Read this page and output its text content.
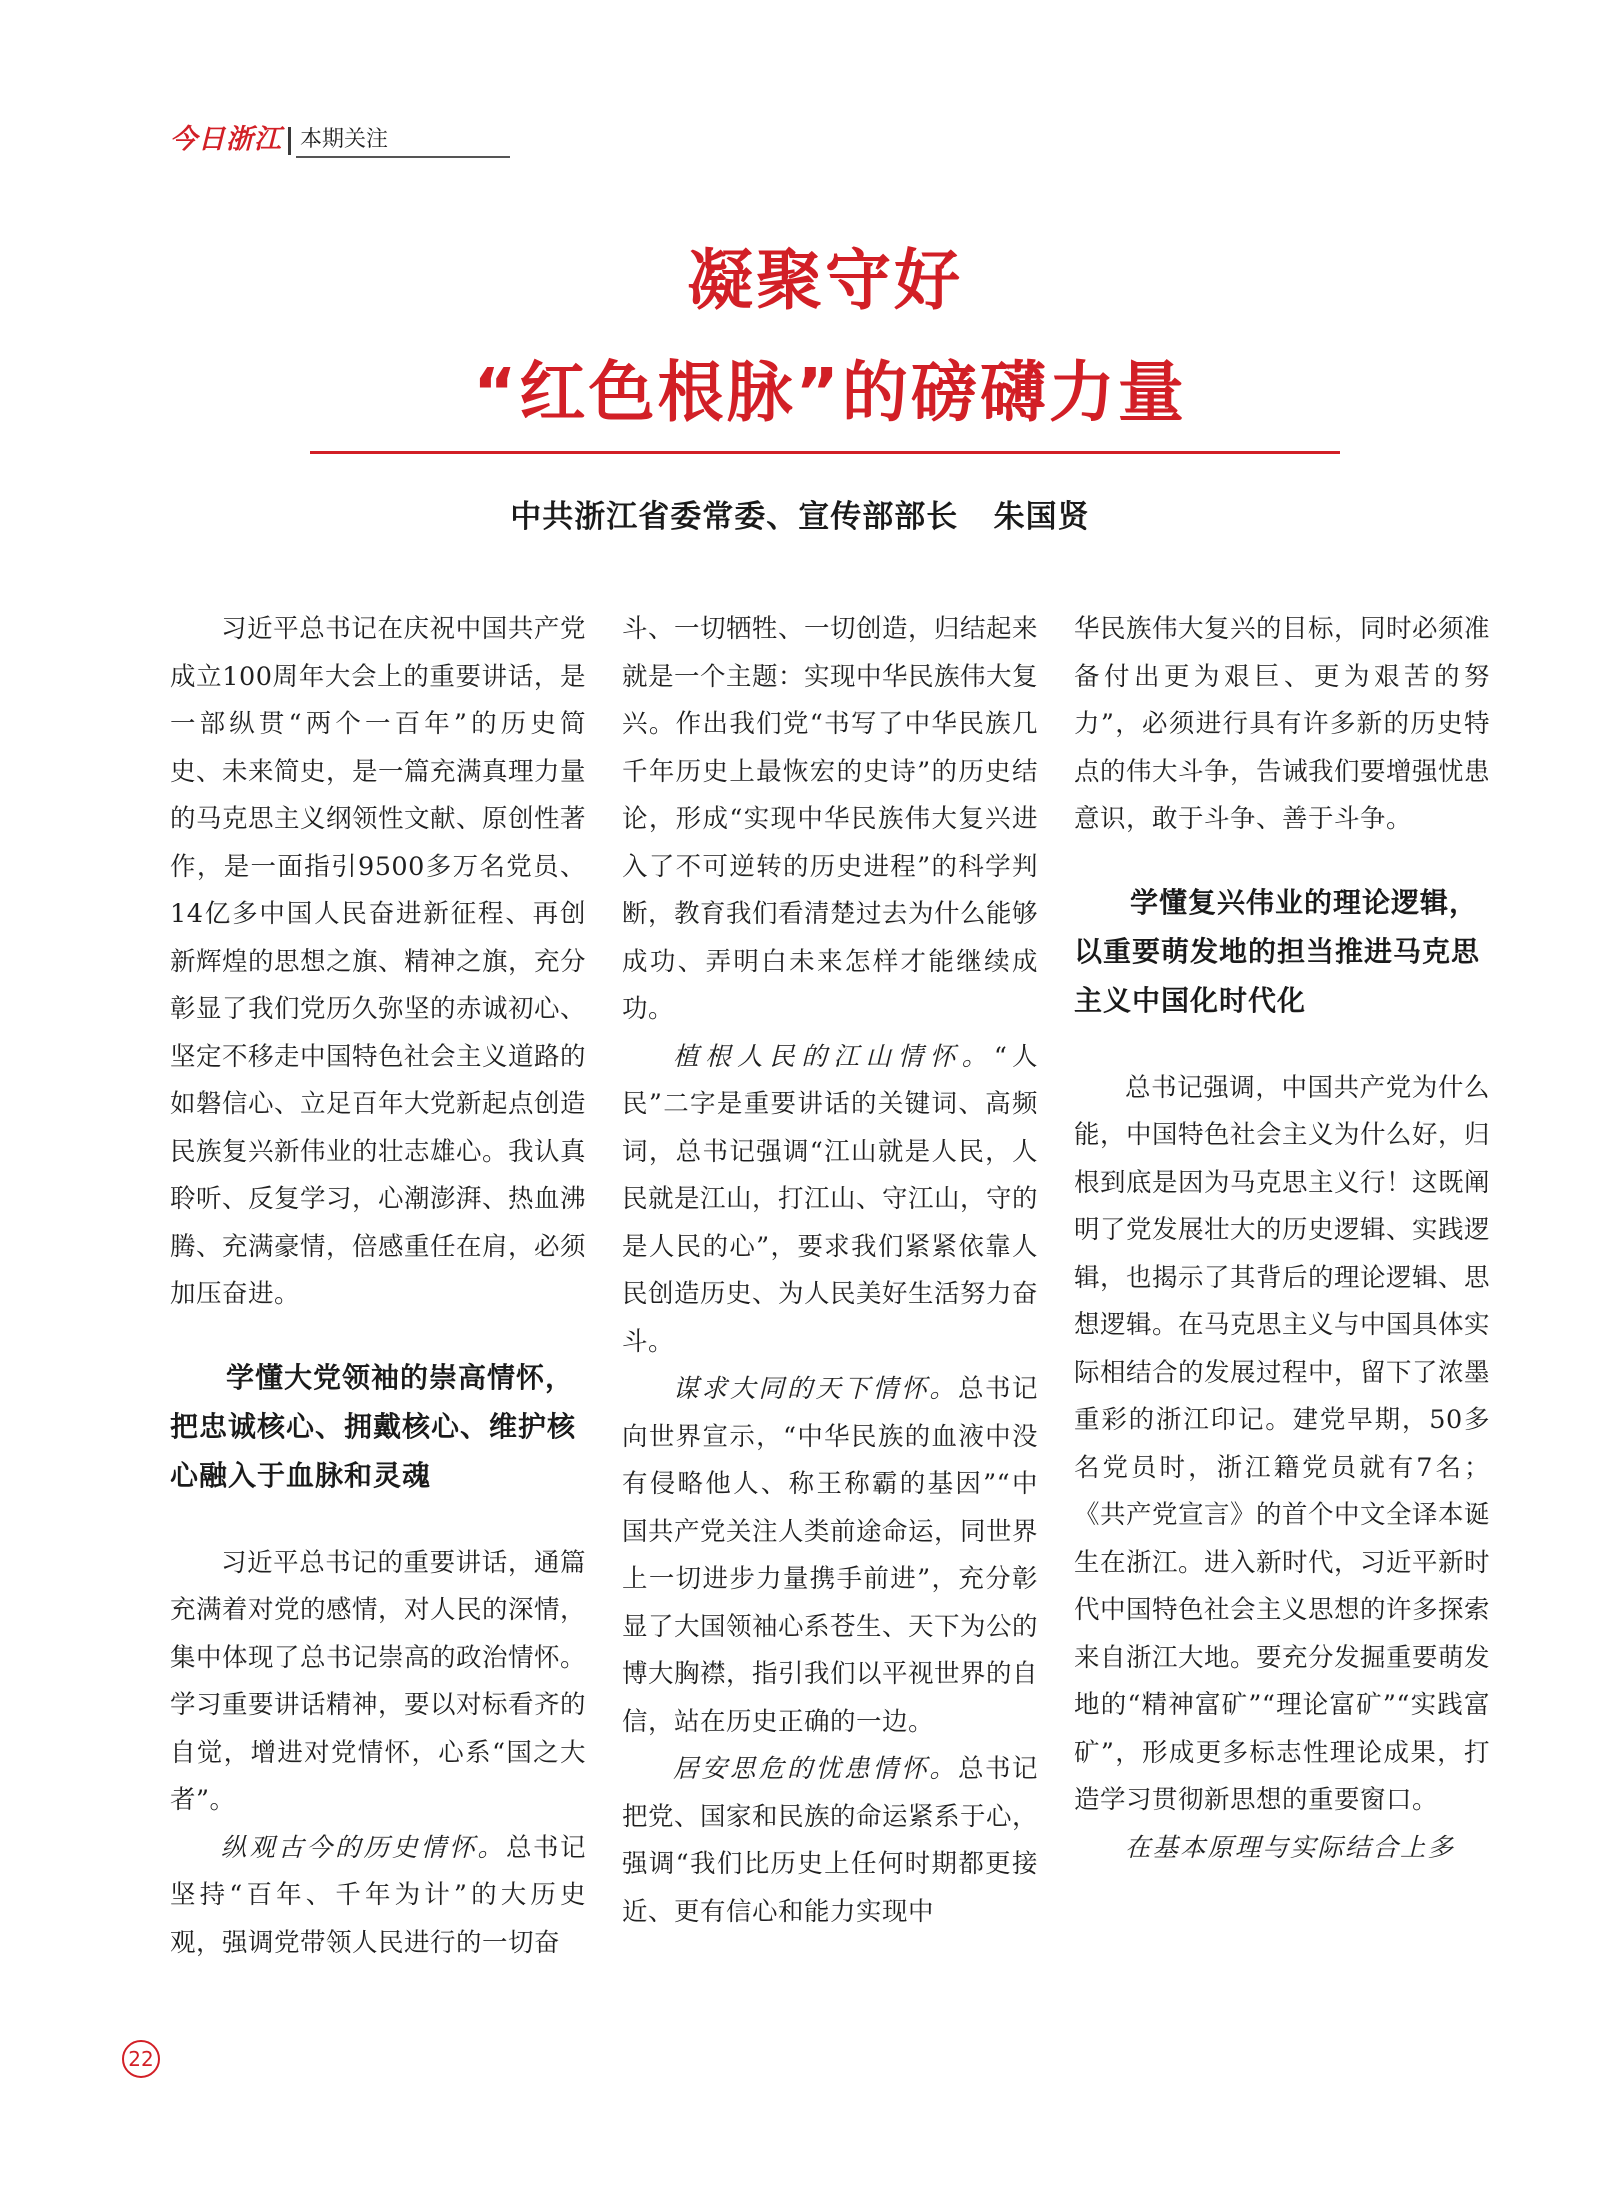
今日浙江 本期关注
凝聚守好
“红色根脉”的磅礴力量
中共浙江省委常委、宣传部部长   朱国贤

习近平总书记在庆祝中国共产党成立100周年大会上的重要讲话，是一部纵贯“两个一百年”的历史简史、未来简史，是一篇充满真理力量的马克思主义纲领性文献、原创性著作，是一面指引9500多万名党员、14亿多中国人民奋进新征程、再创新辉煌的思想之旗、精神之旗，充分彰显了我们党历久弥坚的赤诚初心、坚定不移走中国特色社会主义道路的如磐信心、立足百年大党新起点创造民族复兴新伟业的壮志雄心。我认真聆听、反复学习，心潮澎湃、热血沸腾、充满豪情，倍感重任在肩，必须加压奋进。

学懂大党领袖的崇高情怀，把忠诚核心、拥戴核心、维护核心融入于血脉和灵魂

习近平总书记的重要讲话，通篇充满着对党的感情，对人民的深情，集中体现了总书记崇高的政治情怀。学习重要讲话精神，要以对标看齐的自觉，增进对党情怀，心系“国之大者”。

纵观古今的历史情怀。总书记坚持“百年、千年为计”的大历史观，强调党带领人民进行的一切奋

斗、一切牺牲、一切创造，归结起来就是一个主题：实现中华民族伟大复兴。作出我们党“书写了中华民族几千年历史上最恢宏的史诗”的历史结论，形成“实现中华民族伟大复兴进入了不可逆转的历史进程”的科学判断，教育我们看清楚过去为什么能够成功、弄明白未来怎样才能继续成功。

植根人民的江山情怀。“人民”二字是重要讲话的关键词、高频词，总书记强调“江山就是人民，人民就是江山，打江山、守江山，守的是人民的心”，要求我们紧紧依靠人民创造历史、为人民美好生活努力奋斗。

谋求大同的天下情怀。总书记向世界宣示，“中华民族的血液中没有侵略他人、称王称霸的基因”“中国共产党关注人类前途命运，同世界上一切进步力量携手前进”，充分彰显了大国领袖心系苍生、天下为公的博大胸襟，指引我们以平视世界的自信，站在历史正确的一边。

居安思危的忧患情怀。总书记把党、国家和民族的命运紧系于心，强调“我们比历史上任何时期都更接近、更有信心和能力实现中

华民族伟大复兴的目标，同时必须准备付出更为艰巨、更为艰苦的努力”，必须进行具有许多新的历史特点的伟大斗争，告诫我们要增强忧患意识，敢于斗争、善于斗争。

学懂复兴伟业的理论逻辑，以重要萌发地的担当推进马克思主义中国化时代化

总书记强调，中国共产党为什么能，中国特色社会主义为什么好，归根到底是因为马克思主义行！这既阐明了党发展壮大的历史逻辑、实践逻辑，也揭示了其背后的理论逻辑、思想逻辑。在马克思主义与中国具体实际相结合的发展过程中，留下了浓墨重彩的浙江印记。建党早期，50多名党员时，浙江籍党员就有7名；《共产党宣言》的首个中文全译本诞生在浙江。进入新时代，习近平新时代中国特色社会主义思想的许多探索来自浙江大地。要充分发掘重要萌发地的“精神富矿”“理论富矿”“实践富矿”，形成更多标志性理论成果，打造学习贯彻新思想的重要窗口。

在基本原理与实际结合上多

22
